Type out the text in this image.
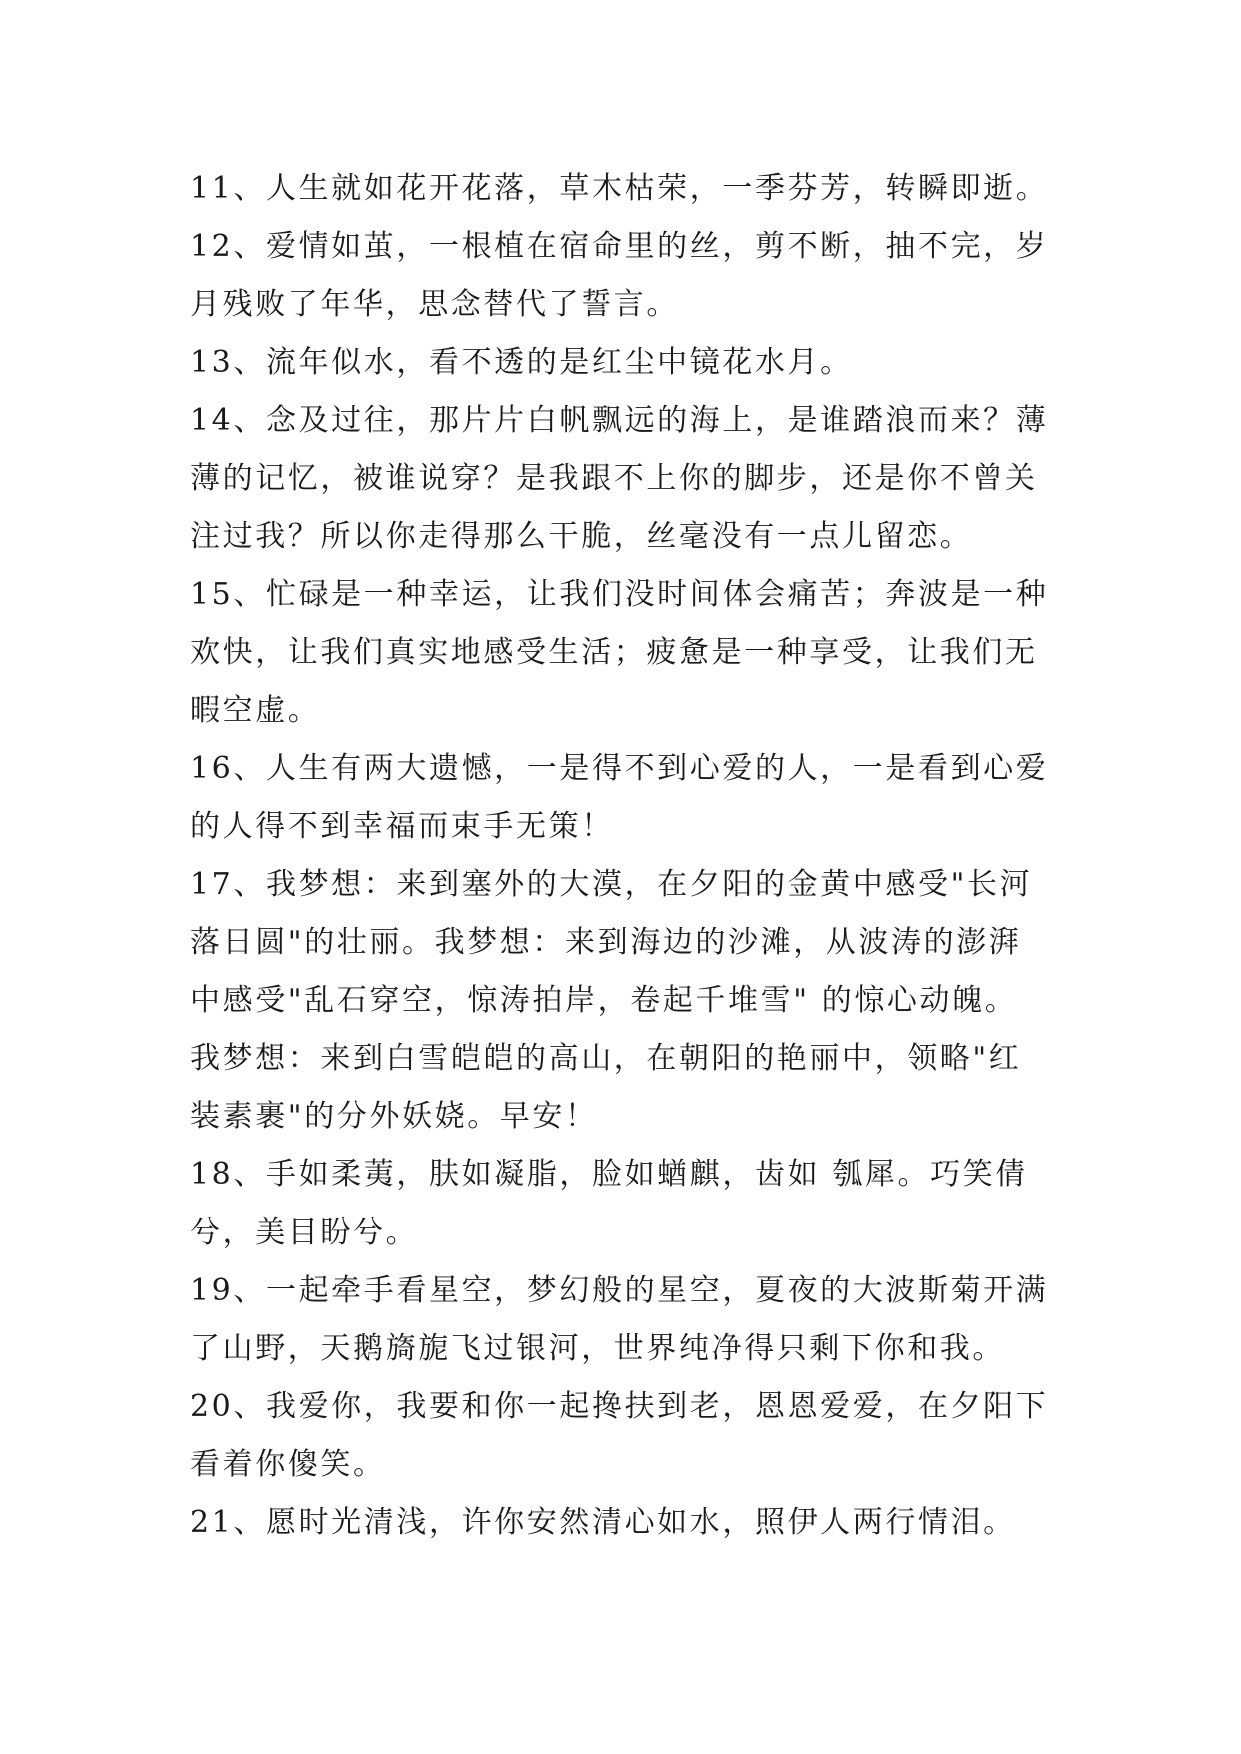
11、人生就如花开花落，草木枯荣，一季芬芳，转瞬即逝。
12、爱情如茧，一根植在宿命里的丝，剪不断，抽不完，岁
月残败了年华，思念替代了誓言。
13、流年似水，看不透的是红尘中镜花水月。
14、念及过往，那片片白帆飘远的海上，是谁踏浪而来？薄
薄的记忆，被谁说穿？是我跟不上你的脚步，还是你不曾关
注过我？所以你走得那么干脆，丝毫没有一点儿留恋。
15、忙碌是一种幸运，让我们没时间体会痛苦；奔波是一种
欢快，让我们真实地感受生活；疲惫是一种享受，让我们无
暇空虚。
16、人生有两大遗憾，一是得不到心爱的人，一是看到心爱
的人得不到幸福而束手无策！
17、我梦想：来到塞外的大漠，在夕阳的金黄中感受"长河
落日圆"的壮丽。我梦想：来到海边的沙滩，从波涛的澎湃
中感受"乱石穿空，惊涛拍岸，卷起千堆雪" 的惊心动魄。
我梦想：来到白雪皑皑的高山，在朝阳的艳丽中，领略"红
装素裹"的分外妖娆。早安！
18、手如柔荑，肤如凝脂，脸如蝤麒，齿如 瓠犀。巧笑倩
兮，美目盼兮。
19、一起牵手看星空，梦幻般的星空，夏夜的大波斯菊开满
了山野，天鹅旖旎飞过银河，世界纯净得只剩下你和我。
20、我爱你，我要和你一起搀扶到老，恩恩爱爱，在夕阳下
看着你傻笑。
21、愿时光清浅，许你安然清心如水，照伊人两行情泪。
